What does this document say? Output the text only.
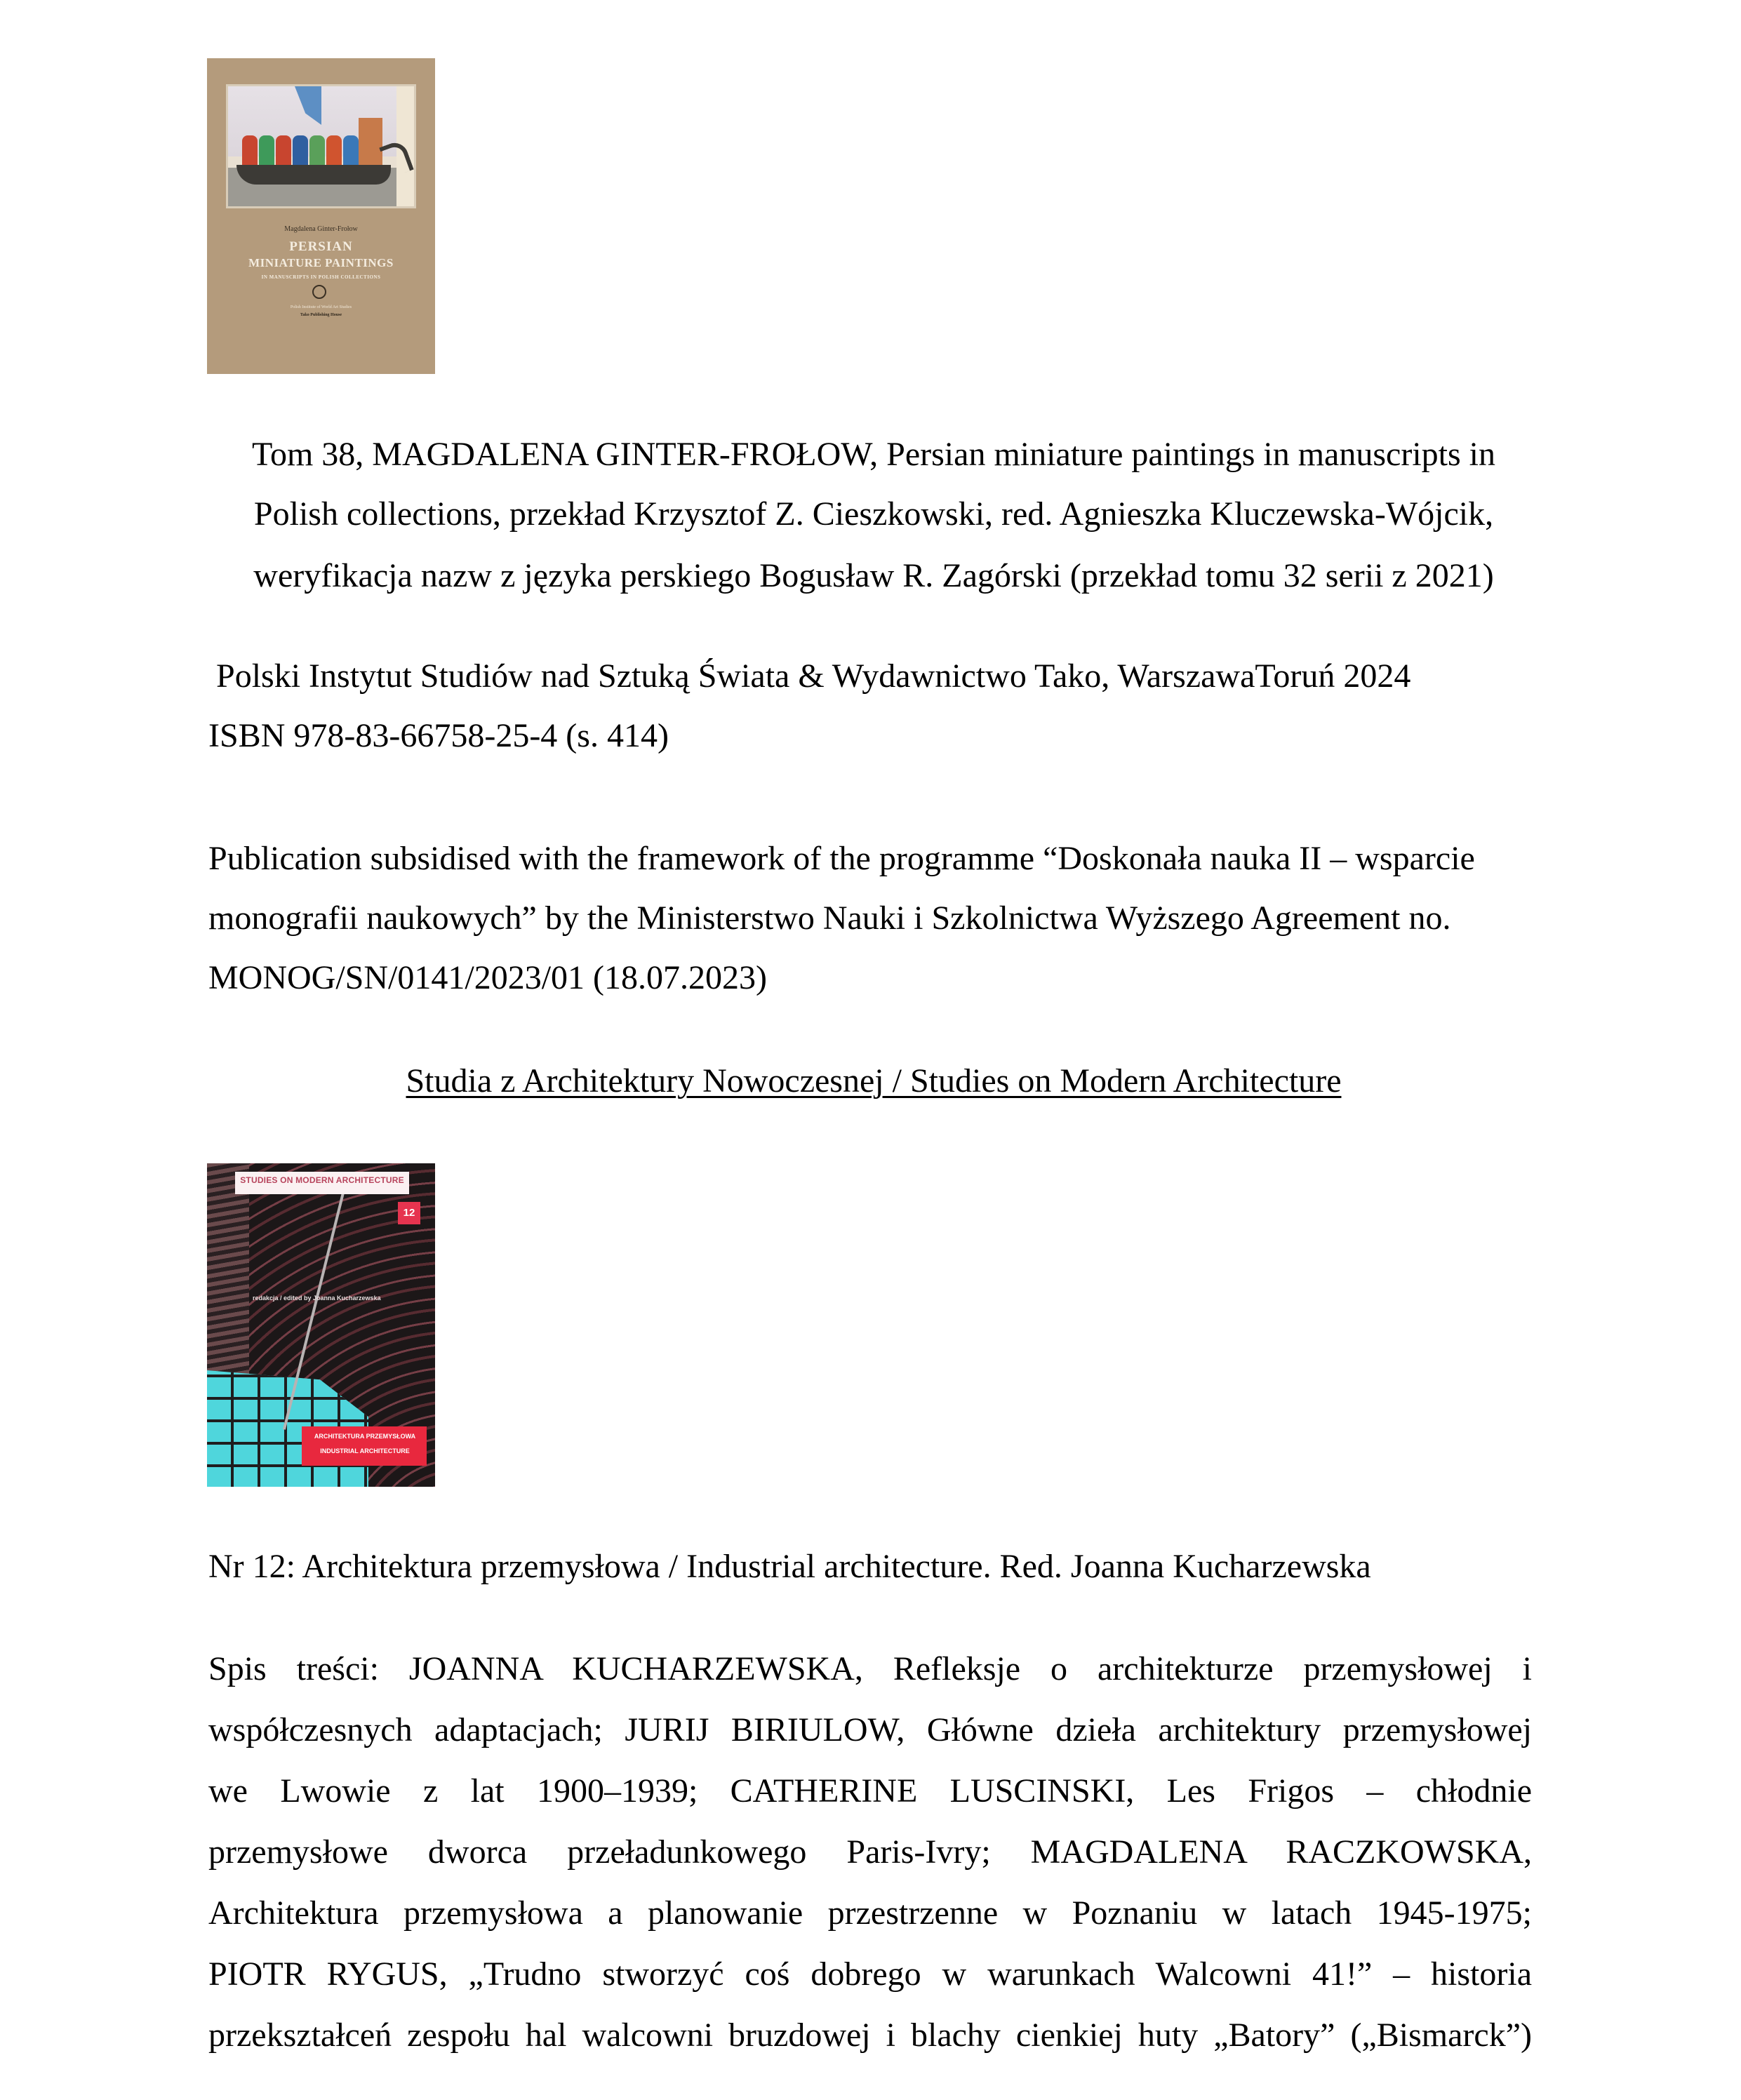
Magdalena Ginter-Frołow
PERSIAN
MINIATURE PAINTINGS
IN MANUSCRIPTS IN POLISH COLLECTIONS
Polish Institute of World Art Studies
Tako Publishing House
Tom 38, MAGDALENA GINTER-FROŁOW, Persian miniature paintings in manuscripts in
Polish collections, przekład Krzysztof Z. Cieszkowski, red. Agnieszka Kluczewska-Wójcik,
weryfikacja nazw z języka perskiego Bogusław R. Zagórski (przekład tomu 32 serii z 2021)
Polski Instytut Studiów nad Sztuką Świata & Wydawnictwo Tako, WarszawaToruń 2024
ISBN 978-83-66758-25-4 (s. 414)
Publication subsidised with the framework of the programme “Doskonała nauka II – wsparcie
monografii naukowych” by the Ministerstwo Nauki i Szkolnictwa Wyższego Agreement no.
MONOG/SN/0141/2023/01 (18.07.2023)
Studia z Architektury Nowoczesnej / Studies on Modern Architecture
STUDIES ON MODERN ARCHITECTURE
12
redakcja / edited by Joanna Kucharzewska
ARCHITEKTURA PRZEMYSŁOWA
INDUSTRIAL ARCHITECTURE
Nr 12: Architektura przemysłowa / Industrial architecture. Red. Joanna Kucharzewska
Spis treści: JOANNA KUCHARZEWSKA, Refleksje o architekturze przemysłowej i
współczesnych adaptacjach; JURIJ BIRIULOW, Główne dzieła architektury przemysłowej
we Lwowie z lat 1900–1939; CATHERINE LUSCINSKI, Les Frigos – chłodnie
przemysłowe dworca przeładunkowego Paris-Ivry; MAGDALENA RACZKOWSKA,
Architektura przemysłowa a planowanie przestrzenne w Poznaniu w latach 1945-1975;
PIOTR RYGUS, „Trudno stworzyć coś dobrego w warunkach Walcowni 41!” – historia
przekształceń zespołu hal walcowni bruzdowej i blachy cienkiej huty „Batory” („Bismarck”)
